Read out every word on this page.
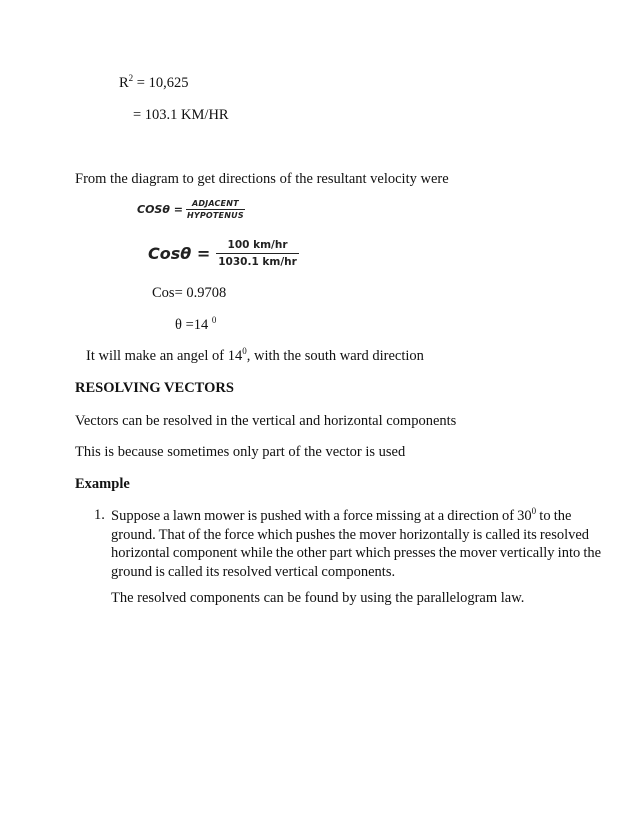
$R^2 = 10,625$
= 103.1 KM/HR
From the diagram to get directions of the resultant velocity were
$COS\theta = \frac{\text{ADJACENT}}{\text{HYPOTENUS}}$
$Cos\theta = \frac{100 km/hr}{1030.1 km/hr}$
Cos= 0.9708
θ =14 $^0$
It will make an angel of $14^0$, with the south ward direction
RESOLVING VECTORS
Vectors can be resolved in the vertical and horizontal components
This is because sometimes only part of the vector is used
Example
1. Suppose a lawn mower is pushed with a force missing at a direction of $30^0$ to the ground. That of the force which pushes the mover horizontally is called its resolved horizontal component while the other part which presses the mover vertically into the ground is called its resolved vertical components.
The resolved components can be found by using the parallelogram law.
